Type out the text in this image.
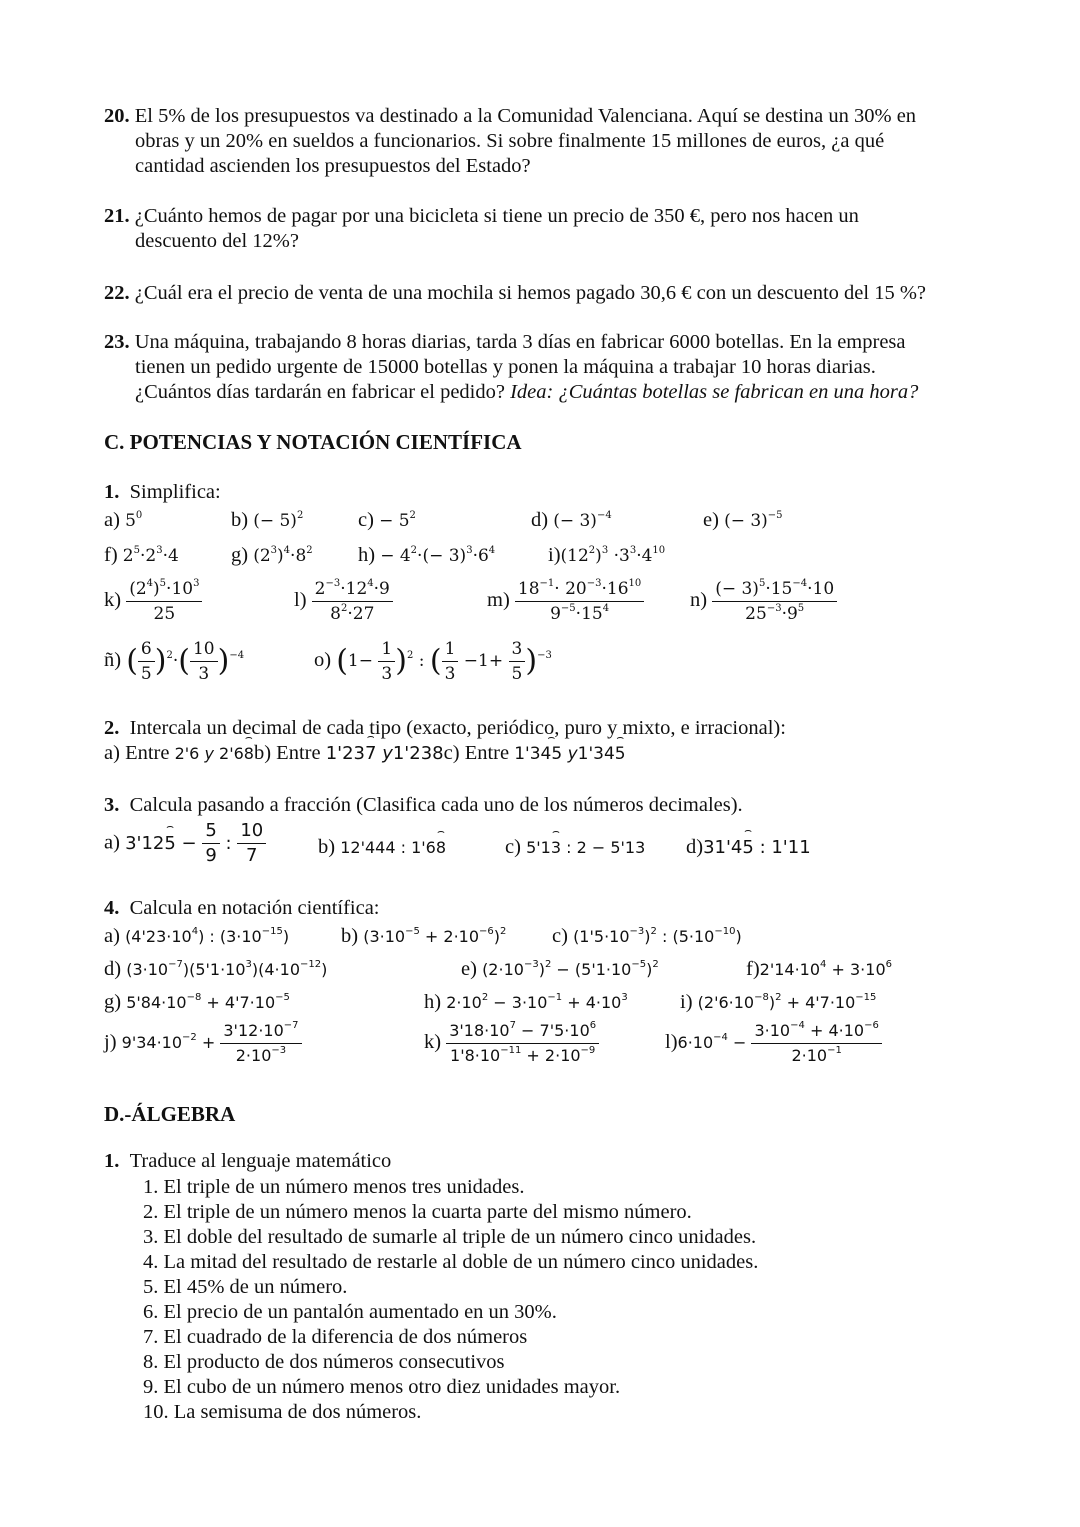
20. El 5% de los presupuestos va destinado a la Comunidad Valenciana. Aquí se destina un 30% en
obras y un 20% en sueldos a funcionarios. Si sobre finalmente 15 millones de euros, ¿a qué
cantidad ascienden los presupuestos del Estado?
21. ¿Cuánto hemos de pagar por una bicicleta si tiene un precio de 350 €, pero nos hacen un
descuento del 12%?
22. ¿Cuál era el precio de venta de una mochila si hemos pagado 30,6 € con un descuento del 15 %?
23. Una máquina, trabajando 8 horas diarias, tarda 3 días en fabricar 6000 botellas. En la empresa
tienen un pedido urgente de 15000 botellas y ponen la máquina a trabajar 10 horas diarias.
¿Cuántos días tardarán en fabricar el pedido? Idea: ¿Cuántas botellas se fabrican en una hora?
C. POTENCIAS Y NOTACIÓN CIENTÍFICA
1. Simplifica:
a) $5^0$	b) (− 5)$^2$	$c) - 5^2$	d) (− 3)$^{-4}$	e) (− 3)$^{-5}$
f) $2^5\cdot 2^3\cdot 4$	g) $(2^3)^4\cdot 8^2$ $h) - 4^2\cdot(- 3)^3\cdot 6^4$	$i)(12^2)^3 \cdot 3^3\cdot 4^{10}$
$k) \frac{(2^4)^5\cdot 10^3}{25}$	$l) \frac{2^{-3}\cdot 12^4\cdot 9}{8^2\cdot 27}$	$m) \frac{18^{-1}\cdot 20^{-3}\cdot 16^{10}}{9^{-5}\cdot 15^4} n) \frac{(- 3)^5\cdot 15^{-4}\cdot 10}{25^{-3}\cdot 9^5}$
ñ) ( $\frac{6}{5} )^2\cdot( \frac{10}{3} )^{-4}$	o) $(1- \frac{1}{3} )^2$ : ( $\frac{1}{3} -1+ \frac{3}{5} )^{-3}$
2. Intercala un decimal de cada tipo (exacto, periódico, puro y mixto, e irracional):
a) Entre 2'6 y 2'6⌢ 8b) Entre 1'23⌢ 7 y1'238c) Entre 1'3⌢ 45 y1'34⌢ 5
3. Calcula pasando a fracción (Clasifica cada uno de los números decimales).
a) 3'12⌢ $5 - \frac{5}{9}$ : $\frac{10}{7}$	b) 12'444 : 1'6⌢ 8	c) 5'1⌢ 3 : 2 − 5'13 d)31'4⌢ 5 : 1'11
4. Calcula en notación científica:
a) $(4'23\cdot 10^4)$ : $(3\cdot 10^{-15})$	b) $(3\cdot 10^{-5} + 2\cdot 10^{-6})^2$ c) $(1'5\cdot 10^{-3})^2$ : $(5\cdot 10^{-10})$
d) $(3\cdot 10^{-7})(5'1\cdot 10^3)(4\cdot 10^{-12})$	e) $(2\cdot 10^{-3})^2 - (5'1\cdot 10^{-5})^2$	$f)2'14\cdot 10^4 + 3\cdot 10^6$
g) $5'84\cdot 10^{-8} + 4'7\cdot 10^{-5}$	h) $2\cdot 10^2 - 3\cdot 10^{-1} + 4\cdot 10^3$	i) $(2'6\cdot 10^{-8})^2 + 4'7\cdot 10^{-15}$
j) $9'34\cdot 10^{-2} + \frac{3'12\cdot 10^{-7}}{2\cdot 10^{-3}}$	$k) \frac{3'18\cdot 10^7 - 7'5\cdot 10^6}{1'8\cdot 10^{-11} + 2\cdot 10^{-9}}$	$l)6\cdot 10^{-4} - \frac{3\cdot 10^{-4} + 4\cdot 10^{-6}}{2\cdot 10^{-1}}$
D.-ÁLGEBRA
1. Traduce al lenguaje matemático
1. El triple de un número menos tres unidades.
2. El triple de un número menos la cuarta parte del mismo número.
3. El doble del resultado de sumarle al triple de un número cinco unidades.
4. La mitad del resultado de restarle al doble de un número cinco unidades.
5. El 45% de un número.
6. El precio de un pantalón aumentado en un 30%.
7. El cuadrado de la diferencia de dos números
8. El producto de dos números consecutivos
9. El cubo de un número menos otro diez unidades mayor.
10. La semisuma de dos números.
